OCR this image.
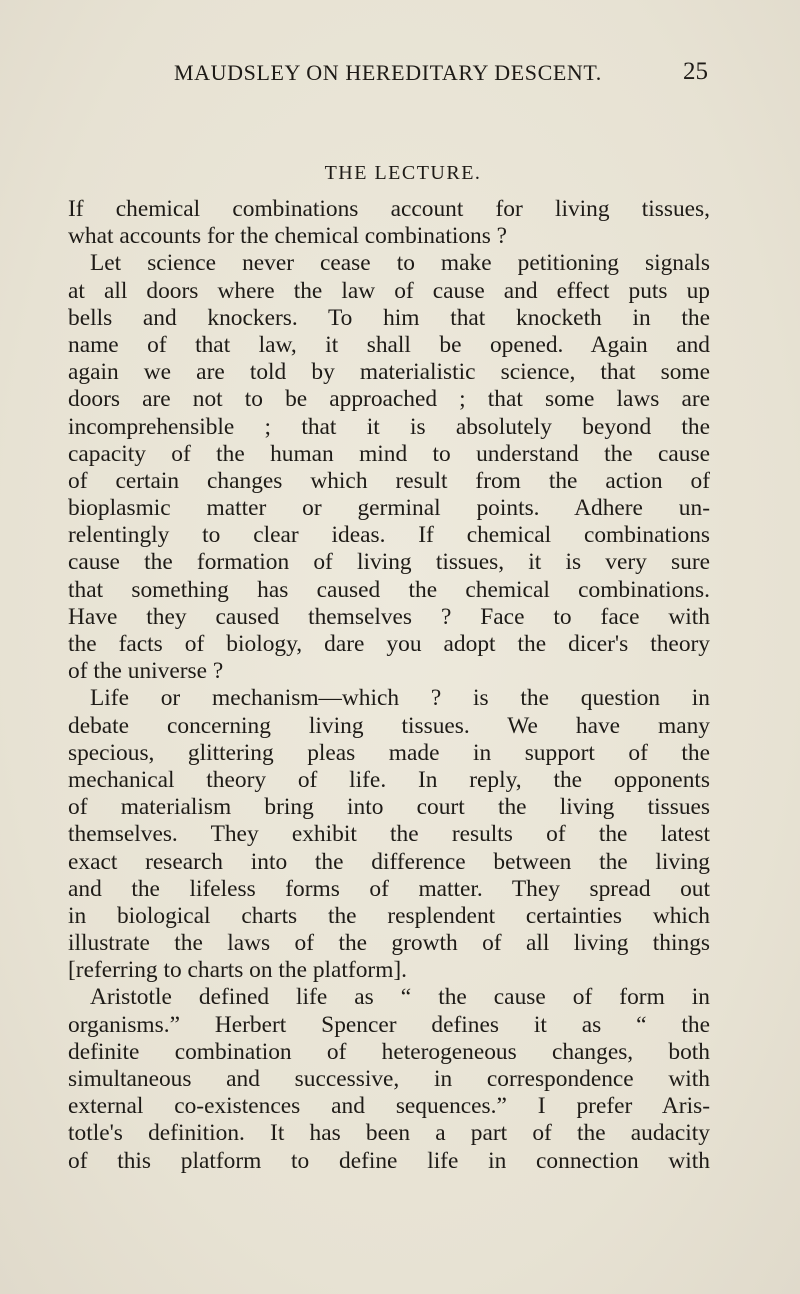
MAUDSLEY ON HEREDITARY DESCENT.	25
THE LECTURE.
If chemical combinations account for living tissues,
what accounts for the chemical combinations ?
Let science never cease to make petitioning signals
at all doors where the law of cause and effect puts up
bells and knockers. To him that knocketh in the
name of that law, it shall be opened. Again and
again we are told by materialistic science, that some
doors are not to be approached ; that some laws are
incomprehensible ; that it is absolutely beyond the
capacity of the human mind to understand the cause
of certain changes which result from the action of
bioplasmic matter or germinal points. Adhere un-
relentingly to clear ideas. If chemical combinations
cause the formation of living tissues, it is very sure
that something has caused the chemical combinations.
Have they caused themselves ? Face to face with
the facts of biology, dare you adopt the dicer's theory
of the universe ?
Life or mechanism—which ? is the question in
debate concerning living tissues. We have many
specious, glittering pleas made in support of the
mechanical theory of life. In reply, the opponents
of materialism bring into court the living tissues
themselves. They exhibit the results of the latest
exact research into the difference between the living
and the lifeless forms of matter. They spread out
in biological charts the resplendent certainties which
illustrate the laws of the growth of all living things
[referring to charts on the platform].
Aristotle defined life as “ the cause of form in
organisms.” Herbert Spencer defines it as “ the
definite combination of heterogeneous changes, both
simultaneous and successive, in correspondence with
external co-existences and sequences.” I prefer Aris-
totle's definition. It has been a part of the audacity
of this platform to define life in connection with
